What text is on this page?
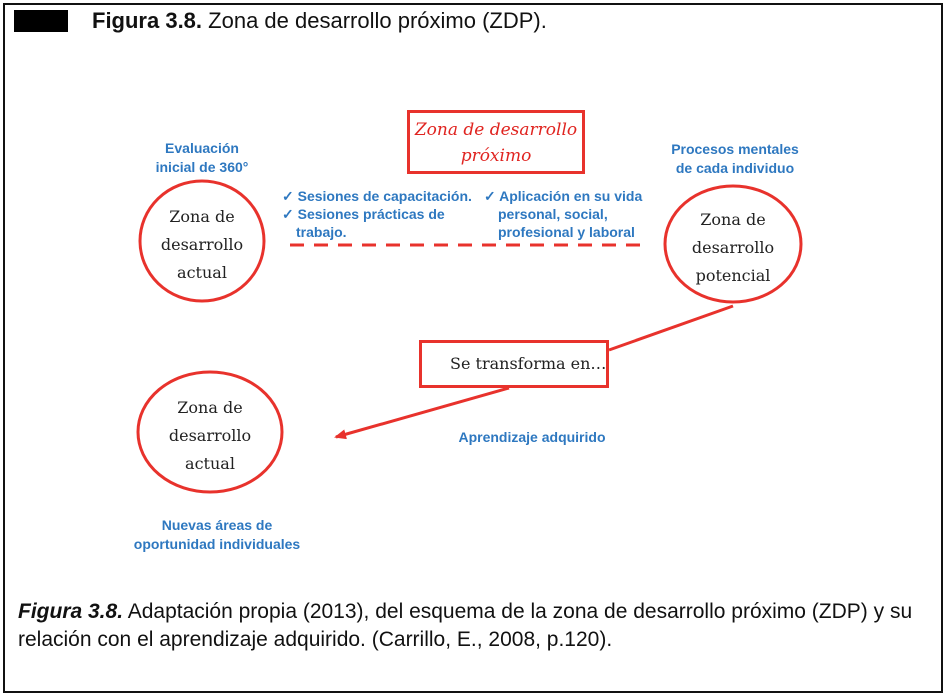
Figura 3.8. Zona de desarrollo próximo (ZDP).
Zona de desarrollo
próximo
Zona de
desarrollo
actual
Zona de
desarrollo
potencial
Zona de
desarrollo
actual
Evaluación
inicial de 360°
Procesos mentales
de cada individuo
✓ Sesiones de capacitación.
✓ Sesiones prácticas de
trabajo.
✓ Aplicación en su vida
personal, social,
profesional y laboral
Se transforma en…
Aprendizaje adquirido
Nuevas áreas de
oportunidad individuales
Figura 3.8. Adaptación propia (2013), del esquema de la zona de desarrollo próximo (ZDP) y su relación con el aprendizaje adquirido. (Carrillo, E., 2008, p.120).
